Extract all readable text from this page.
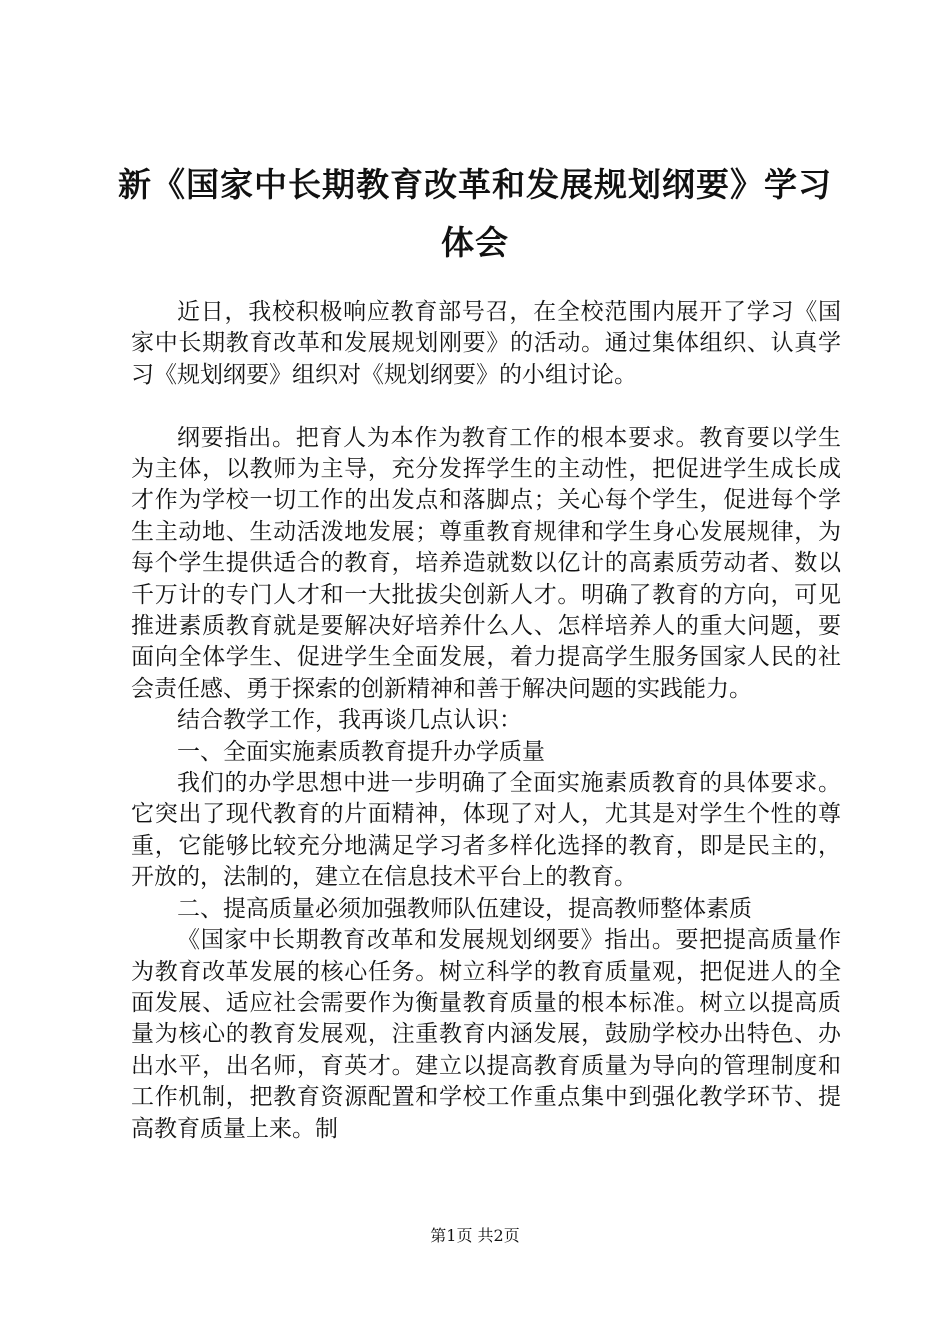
新《国家中长期教育改革和发展规划纲要》学习体会

近日，我校积极响应教育部号召，在全校范围内展开了学习《国家中长期教育改革和发展规划刚要》的活动。通过集体组织、认真学习《规划纲要》组织对《规划纲要》的小组讨论。

纲要指出。把育人为本作为教育工作的根本要求。教育要以学生为主体，以教师为主导，充分发挥学生的主动性，把促进学生成长成才作为学校一切工作的出发点和落脚点；关心每个学生，促进每个学生主动地、生动活泼地发展；尊重教育规律和学生身心发展规律，为每个学生提供适合的教育，培养造就数以亿计的高素质劳动者、数以千万计的专门人才和一大批拔尖创新人才。明确了教育的方向，可见推进素质教育就是要解决好培养什么人、怎样培养人的重大问题，要面向全体学生、促进学生全面发展，着力提高学生服务国家人民的社会责任感、勇于探索的创新精神和善于解决问题的实践能力。

结合教学工作，我再谈几点认识：

一、全面实施素质教育提升办学质量

我们的办学思想中进一步明确了全面实施素质教育的具体要求。它突出了现代教育的片面精神，体现了对人，尤其是对学生个性的尊重，它能够比较充分地满足学习者多样化选择的教育，即是民主的，开放的，法制的，建立在信息技术平台上的教育。

二、提高质量必须加强教师队伍建设，提高教师整体素质

《国家中长期教育改革和发展规划纲要》指出。要把提高质量作为教育改革发展的核心任务。树立科学的教育质量观，把促进人的全面发展、适应社会需要作为衡量教育质量的根本标准。树立以提高质量为核心的教育发展观，注重教育内涵发展，鼓励学校办出特色、办出水平，出名师，育英才。建立以提高教育质量为导向的管理制度和工作机制，把教育资源配置和学校工作重点集中到强化教学环节、提高教育质量上来。制

第1页 共2页
